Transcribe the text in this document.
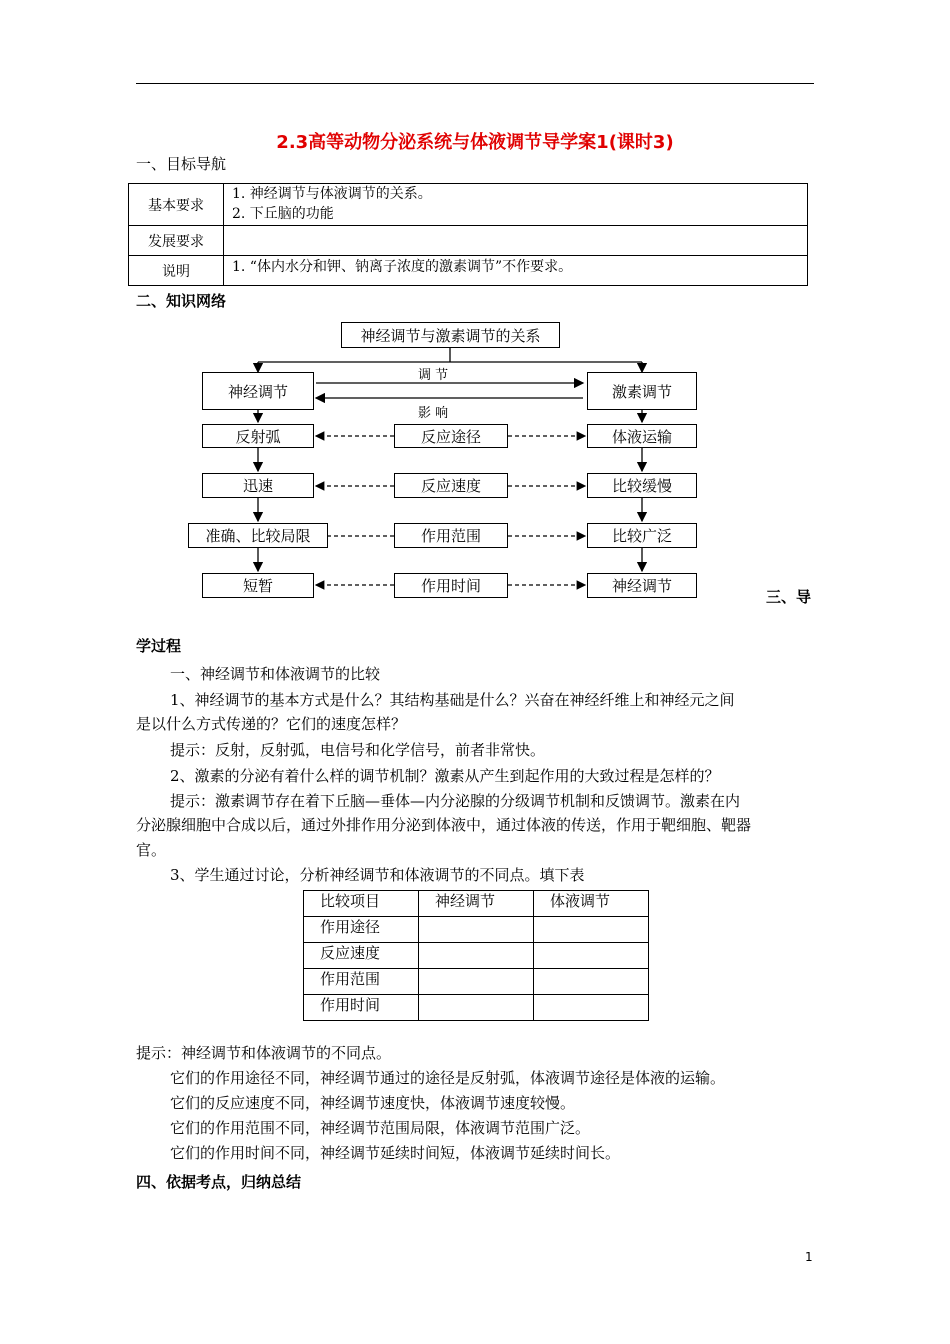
2.3高等动物分泌系统与体液调节导学案1(课时3)
一、目标导航
基本要求	1. 神经调节与体液调节的关系。
2. 下丘脑的功能

发展要求	
说明	1. “体内水分和钾、钠离子浓度的激素调节”不作要求。
二、知识网络
神经调节与激素调节的关系
神经调节	激素调节
调 节
影 响
反射弧	反应途径	体液运输
迅速	反应速度	比较缓慢
准确、比较局限	作用范围	比较广泛
短暂	作用时间	神经调节
三、导
学过程
一、神经调节和体液调节的比较
1、神经调节的基本方式是什么？其结构基础是什么？兴奋在神经纤维上和神经元之间
是以什么方式传递的？它们的速度怎样？
提示：反射，反射弧，电信号和化学信号，前者非常快。
2、激素的分泌有着什么样的调节机制？激素从产生到起作用的大致过程是怎样的？
提示：激素调节存在着下丘脑—垂体—内分泌腺的分级调节机制和反馈调节。激素在内
分泌腺细胞中合成以后，通过外排作用分泌到体液中，通过体液的传送，作用于靶细胞、靶器
官。
3、学生通过讨论，分析神经调节和体液调节的不同点。填下表
比较项目	神经调节	体液调节
作用途径		
反应速度		
作用范围		
作用时间		
提示：神经调节和体液调节的不同点。
它们的作用途径不同，神经调节通过的途径是反射弧，体液调节途径是体液的运输。
它们的反应速度不同，神经调节速度快，体液调节速度较慢。
它们的作用范围不同，神经调节范围局限，体液调节范围广泛。
它们的作用时间不同，神经调节延续时间短，体液调节延续时间长。
四、依据考点，归纳总结
1
